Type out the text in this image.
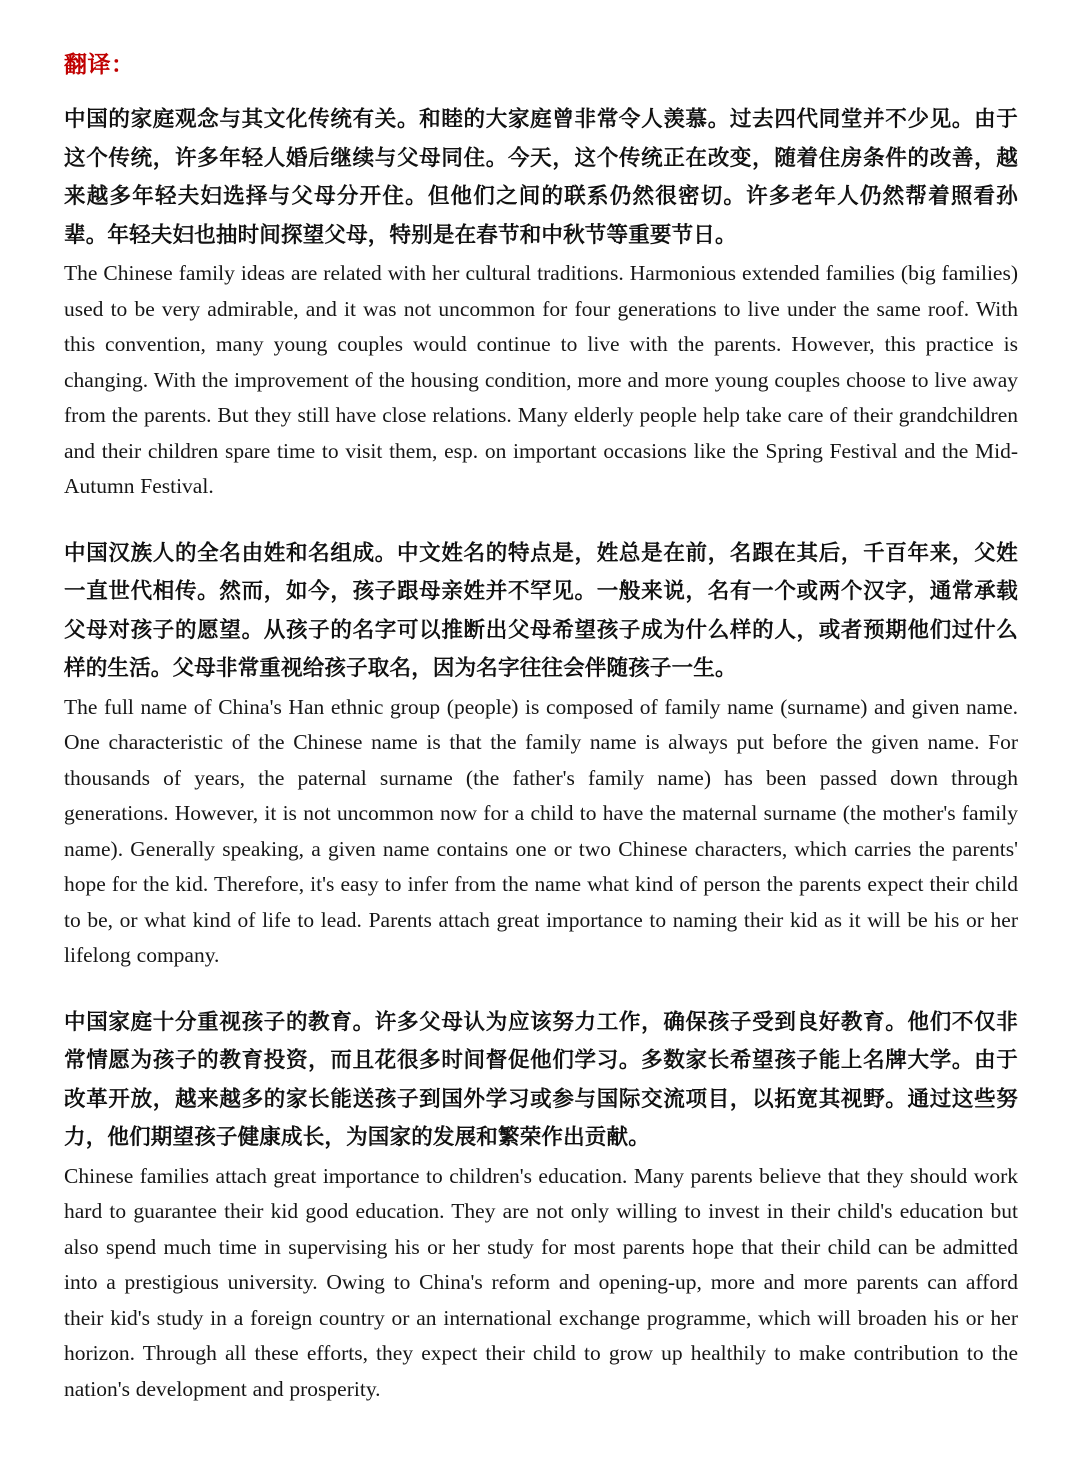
翻译：

中国的家庭观念与其文化传统有关。和睦的大家庭曾非常令人羡慕。过去四代同堂并不少见。由于这个传统，许多年轻人婚后继续与父母同住。今天，这个传统正在改变，随着住房条件的改善，越来越多年轻夫妇选择与父母分开住。但他们之间的联系仍然很密切。许多老年人仍然帮着照看孙辈。年轻夫妇也抽时间探望父母，特别是在春节和中秋节等重要节日。

The Chinese family ideas are related with her cultural traditions. Harmonious extended families (big families) used to be very admirable, and it was not uncommon for four generations to live under the same roof. With this convention, many young couples would continue to live with the parents. However, this practice is changing. With the improvement of the housing condition, more and more young couples choose to live away from the parents. But they still have close relations. Many elderly people help take care of their grandchildren and their children spare time to visit them, esp. on important occasions like the Spring Festival and the Mid-Autumn Festival.

中国汉族人的全名由姓和名组成。中文姓名的特点是，姓总是在前，名跟在其后，千百年来，父姓一直世代相传。然而，如今，孩子跟母亲姓并不罕见。一般来说，名有一个或两个汉字，通常承载父母对孩子的愿望。从孩子的名字可以推断出父母希望孩子成为什么样的人，或者预期他们过什么样的生活。父母非常重视给孩子取名，因为名字往往会伴随孩子一生。

The full name of China's Han ethnic group (people) is composed of family name (surname) and given name. One characteristic of the Chinese name is that the family name is always put before the given name. For thousands of years, the paternal surname (the father's family name) has been passed down through generations. However, it is not uncommon now for a child to have the maternal surname (the mother's family name). Generally speaking, a given name contains one or two Chinese characters, which carries the parents' hope for the kid. Therefore, it's easy to infer from the name what kind of person the parents expect their child to be, or what kind of life to lead. Parents attach great importance to naming their kid as it will be his or her lifelong company.

中国家庭十分重视孩子的教育。许多父母认为应该努力工作，确保孩子受到良好教育。他们不仅非常情愿为孩子的教育投资，而且花很多时间督促他们学习。多数家长希望孩子能上名牌大学。由于改革开放，越来越多的家长能送孩子到国外学习或参与国际交流项目，以拓宽其视野。通过这些努力，他们期望孩子健康成长，为国家的发展和繁荣作出贡献。

Chinese families attach great importance to children's education. Many parents believe that they should work hard to guarantee their kid good education. They are not only willing to invest in their child's education but also spend much time in supervising his or her study for most parents hope that their child can be admitted into a prestigious university. Owing to China's reform and opening-up, more and more parents can afford their kid's study in a foreign country or an international exchange programme, which will broaden his or her horizon. Through all these efforts, they expect their child to grow up healthily to make contribution to the nation's development and prosperity.
